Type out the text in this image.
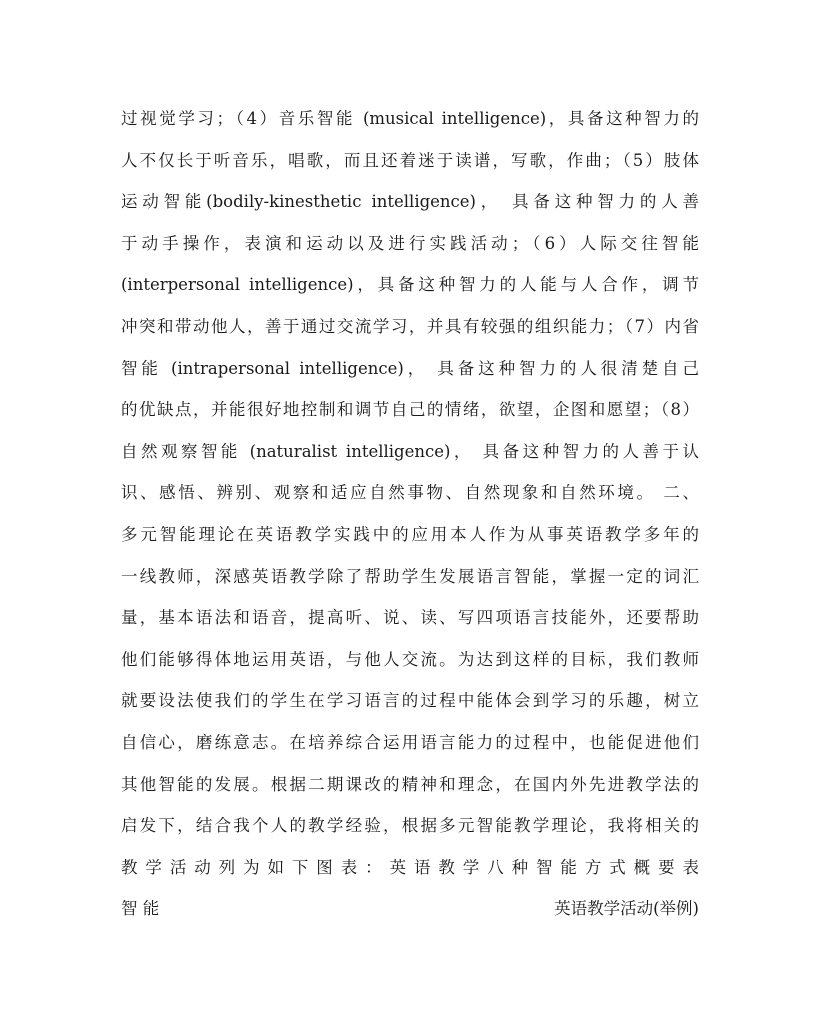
过视觉学习；（4）音乐智能 (musical intelligence)，具备这种智力的
人不仅长于听音乐，唱歌，而且还着迷于读谱，写歌，作曲；（5）肢体
运动智能(bodily-kinesthetic intelligence)， 具备这种智力的人善
于动手操作，表演和运动以及进行实践活动；（6）人际交往智能
(interpersonal intelligence)，具备这种智力的人能与人合作，调节
冲突和带动他人，善于通过交流学习，并具有较强的组织能力；（7）内省
智能 (intrapersonal intelligence)， 具备这种智力的人很清楚自己
的优缺点，并能很好地控制和调节自己的情绪，欲望，企图和愿望；（8）
自然观察智能 (naturalist intelligence)， 具备这种智力的人善于认
识、感悟、辨别、观察和适应自然事物、自然现象和自然环境。 二、
多元智能理论在英语教学实践中的应用本人作为从事英语教学多年的
一线教师，深感英语教学除了帮助学生发展语言智能，掌握一定的词汇
量，基本语法和语音，提高听、说、读、写四项语言技能外，还要帮助
他们能够得体地运用英语，与他人交流。为达到这样的目标，我们教师
就要设法使我们的学生在学习语言的过程中能体会到学习的乐趣，树立
自信心，磨练意志。在培养综合运用语言能力的过程中，也能促进他们
其他智能的发展。根据二期课改的精神和理念，在国内外先进教学法的
启发下，结合我个人的教学经验，根据多元智能教学理论，我将相关的
教学活动列为如下图表：英语教学八种智能方式概要表
智 能	英语教学活动(举例)
